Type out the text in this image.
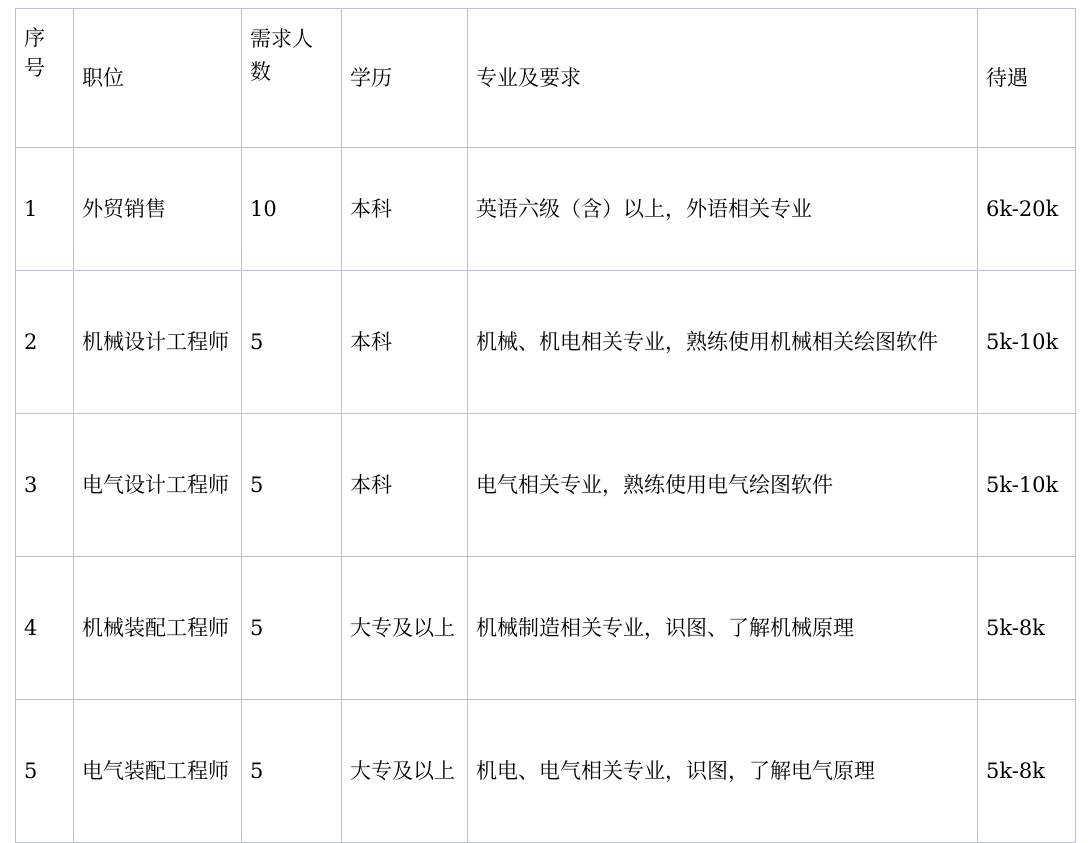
序号	职位	需求人数	学历	专业及要求	待遇
1	外贸销售	10	本科	英语六级（含）以上，外语相关专业	6k-20k
2	机械设计工程师	5	本科	机械、机电相关专业，熟练使用机械相关绘图软件	5k-10k
3	电气设计工程师	5	本科	电气相关专业，熟练使用电气绘图软件	5k-10k
4	机械装配工程师	5	大专及以上	机械制造相关专业，识图、了解机械原理	5k-8k
5	电气装配工程师	5	大专及以上	机电、电气相关专业，识图，了解电气原理	5k-8k
